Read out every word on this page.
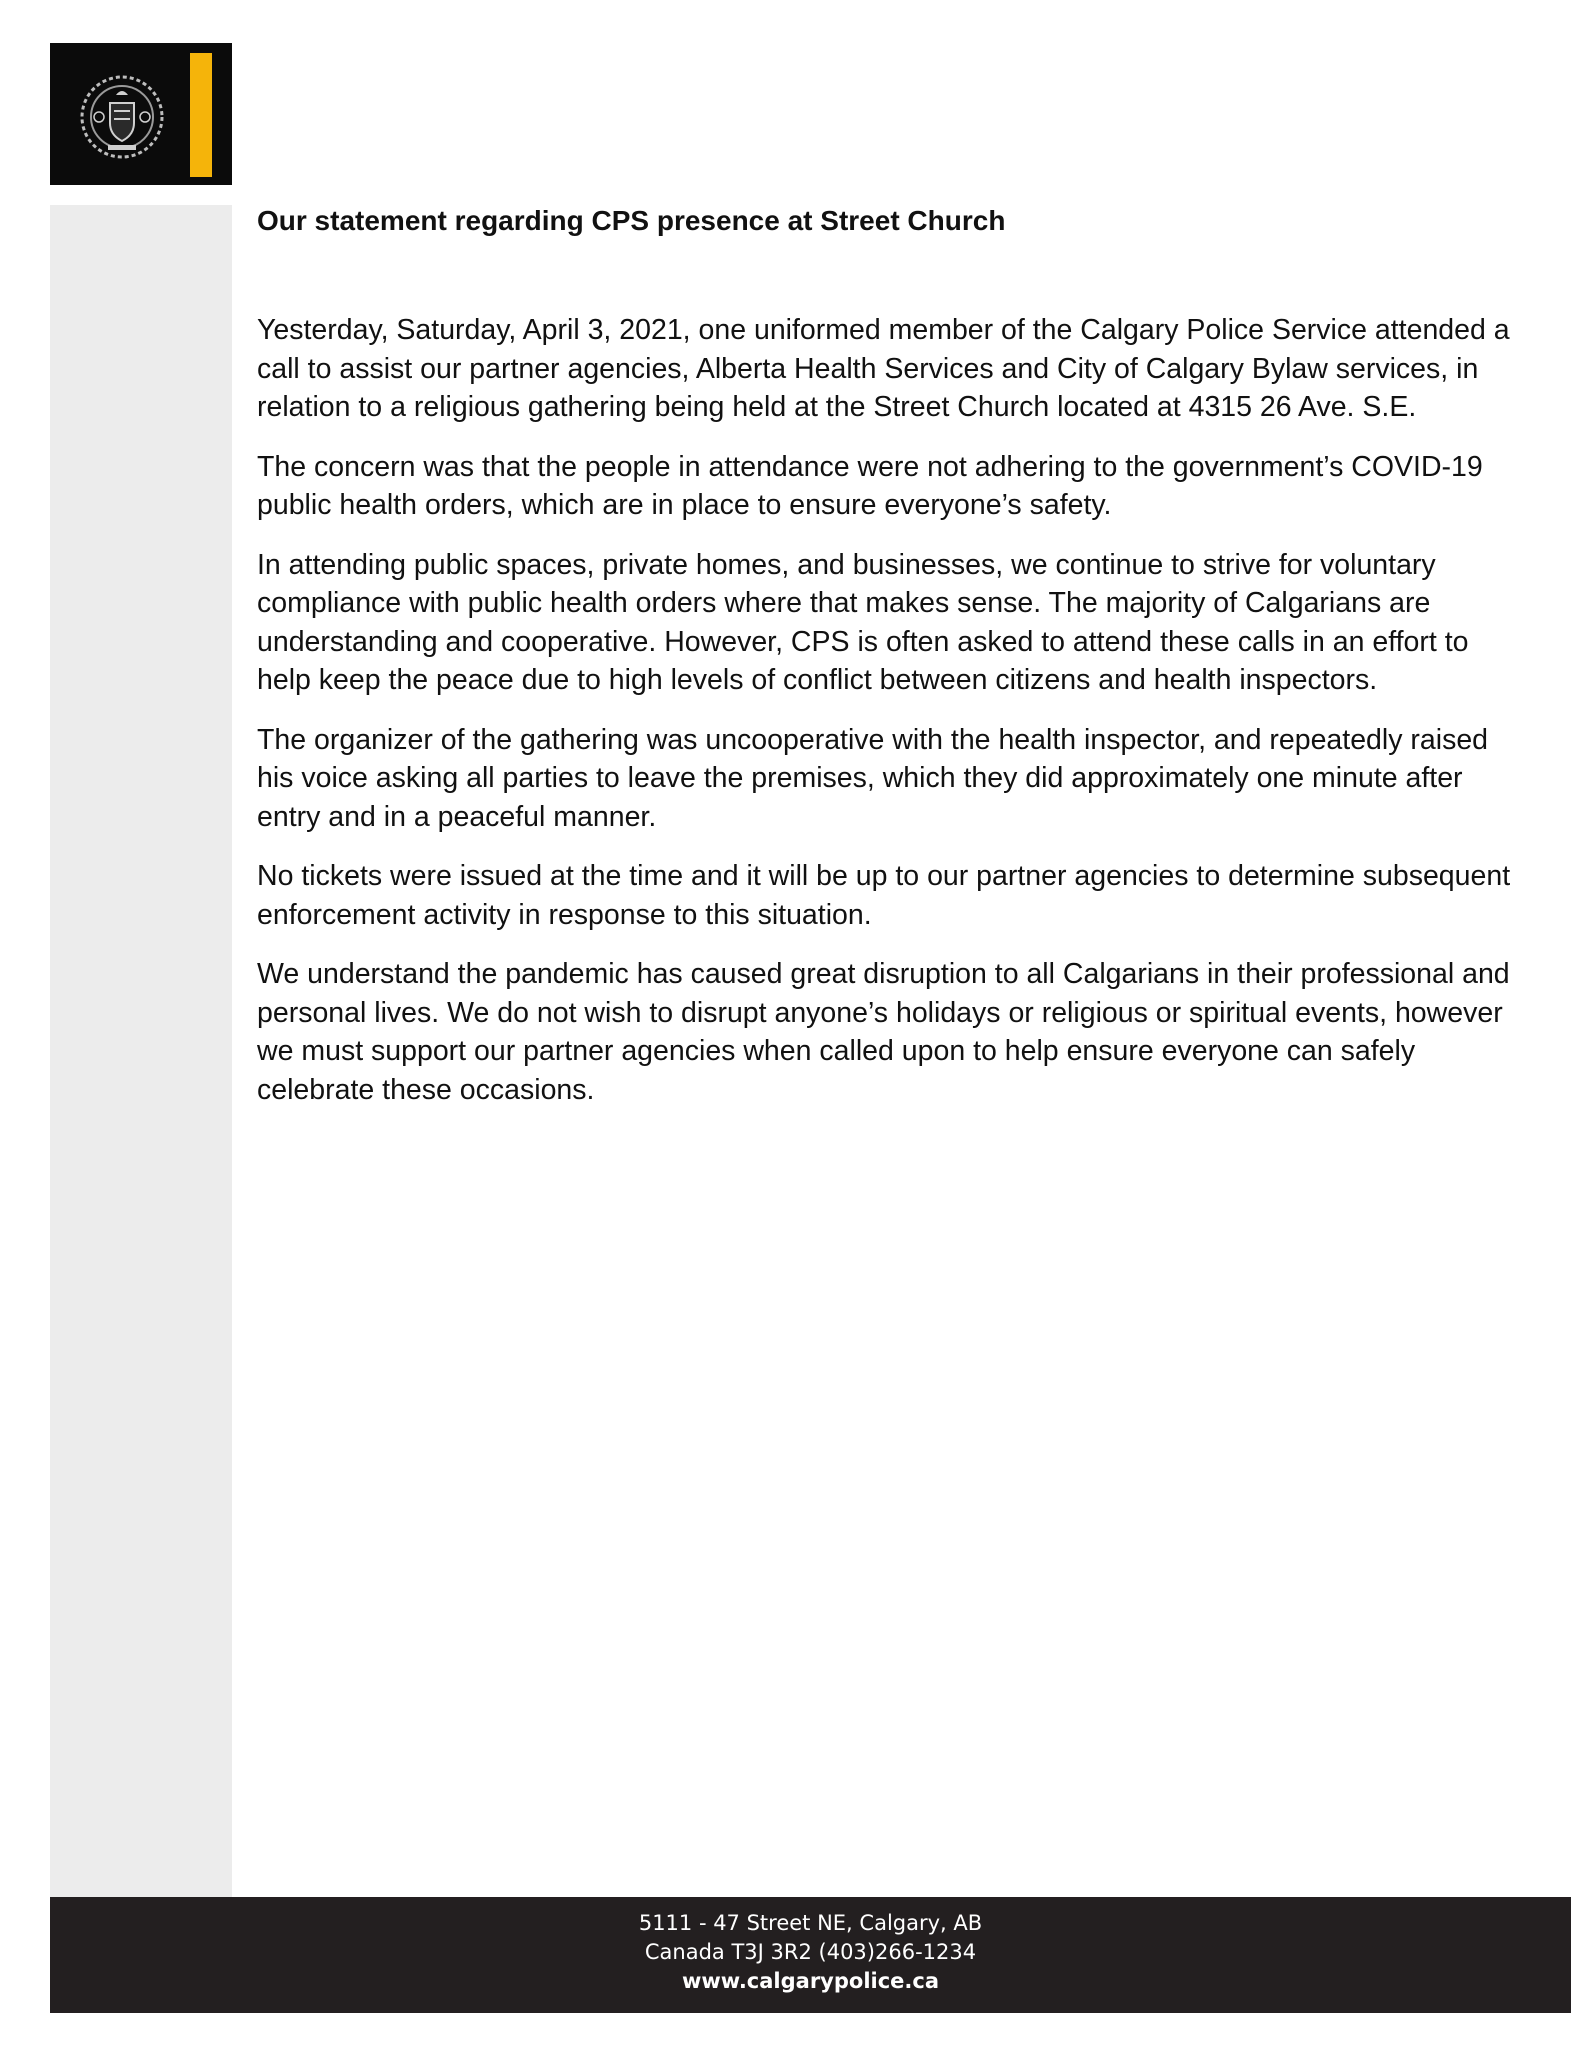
Our statement regarding CPS presence at Street Church

Yesterday, Saturday, April 3, 2021, one uniformed member of the Calgary Police Service attended a call to assist our partner agencies, Alberta Health Services and City of Calgary Bylaw services, in relation to a religious gathering being held at the Street Church located at 4315 26 Ave. S.E.

The concern was that the people in attendance were not adhering to the government’s COVID-19 public health orders, which are in place to ensure everyone’s safety.

In attending public spaces, private homes, and businesses, we continue to strive for voluntary compliance with public health orders where that makes sense. The majority of Calgarians are understanding and cooperative. However, CPS is often asked to attend these calls in an effort to help keep the peace due to high levels of conflict between citizens and health inspectors.

The organizer of the gathering was uncooperative with the health inspector, and repeatedly raised his voice asking all parties to leave the premises, which they did approximately one minute after entry and in a peaceful manner.

No tickets were issued at the time and it will be up to our partner agencies to determine subsequent enforcement activity in response to this situation.

We understand the pandemic has caused great disruption to all Calgarians in their professional and personal lives. We do not wish to disrupt anyone’s holidays or religious or spiritual events, however we must support our partner agencies when called upon to help ensure everyone can safely celebrate these occasions.

5111 - 47 Street NE, Calgary, AB
Canada T3J 3R2 (403)266-1234
www.calgarypolice.ca
